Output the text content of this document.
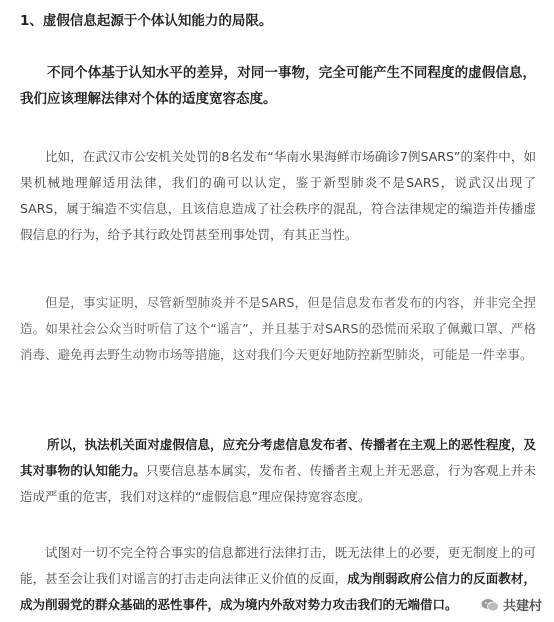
1、虚假信息起源于个体认知能力的局限。

不同个体基于认知水平的差异，对同一事物，完全可能产生不同程度的虚假信息，我们应该理解法律对个体的适度宽容态度。

比如，在武汉市公安机关处罚的8名发布“华南水果海鲜市场确诊7例SARS”的案件中，如果机械地理解适用法律，我们的确可以认定，鉴于新型肺炎不是SARS，说武汉出现了SARS，属于编造不实信息，且该信息造成了社会秩序的混乱，符合法律规定的编造并传播虚假信息的行为，给予其行政处罚甚至刑事处罚，有其正当性。

但是，事实证明，尽管新型肺炎并不是SARS，但是信息发布者发布的内容，并非完全捏造。如果社会公众当时听信了这个“谣言”，并且基于对SARS的恐慌而采取了佩戴口罩、严格消毒、避免再去野生动物市场等措施，这对我们今天更好地防控新型肺炎，可能是一件幸事。

所以，执法机关面对虚假信息，应充分考虑信息发布者、传播者在主观上的恶性程度，及其对事物的认知能力。只要信息基本属实，发布者、传播者主观上并无恶意，行为客观上并未造成严重的危害，我们对这样的“虚假信息”理应保持宽容态度。

试图对一切不完全符合事实的信息都进行法律打击，既无法律上的必要，更无制度上的可能，甚至会让我们对谣言的打击走向法律正义价值的反面，成为削弱政府公信力的反面教材，成为削弱党的群众基础的恶性事件，成为境内外敌对势力攻击我们的无端借口。	共建村
